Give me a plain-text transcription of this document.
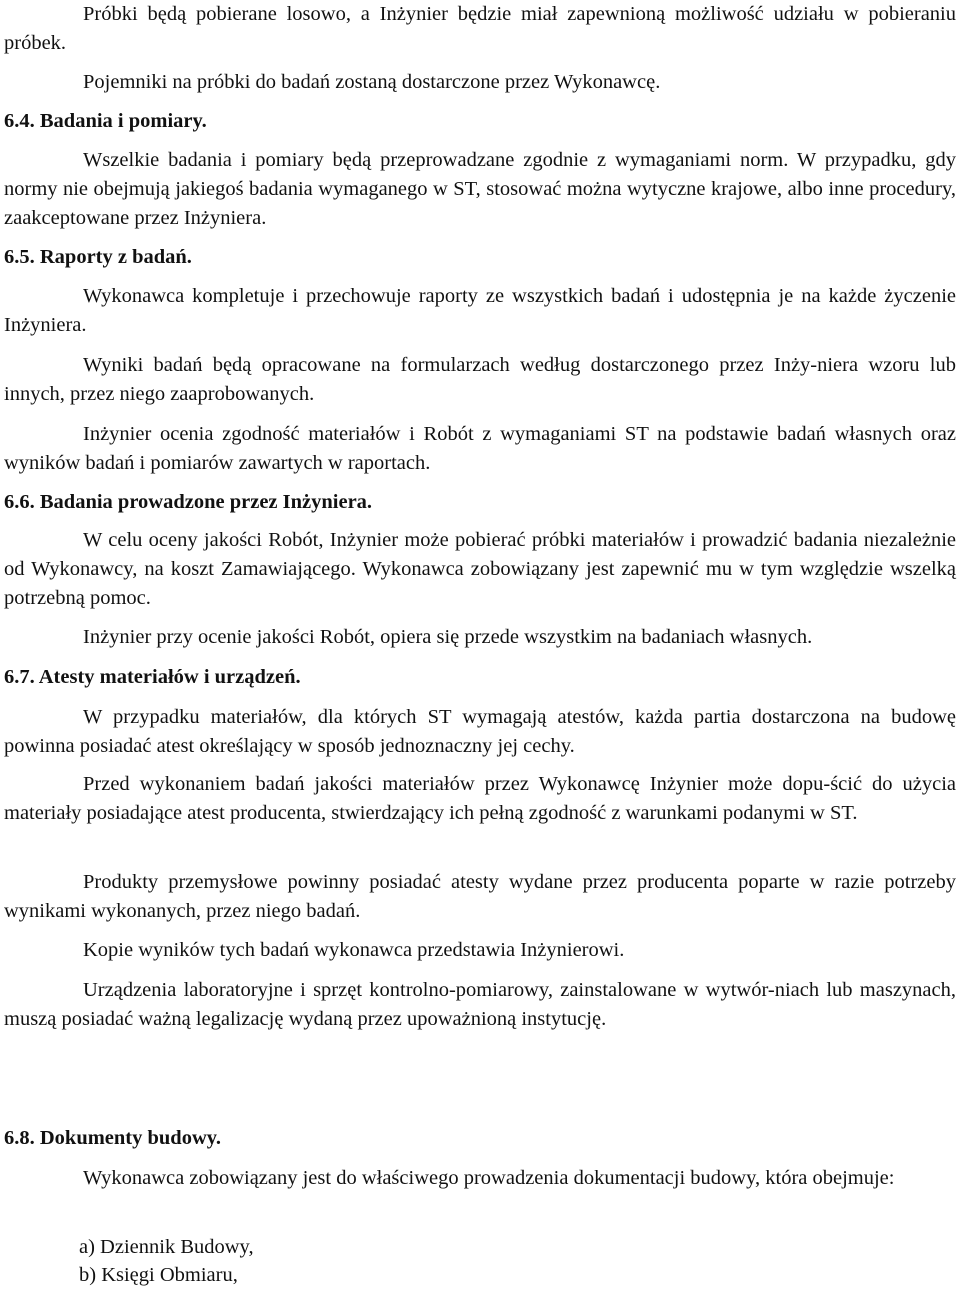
Próbki będą pobierane losowo, a Inżynier będzie miał zapewnioną możliwość udziału w pobieraniu próbek.

Pojemniki na próbki do badań zostaną dostarczone przez Wykonawcę.

6.4. Badania i pomiary.

Wszelkie badania i pomiary będą przeprowadzane zgodnie z wymaganiami norm. W przypadku, gdy normy nie obejmują jakiegoś badania wymaganego w ST, stosować można wytyczne krajowe, albo inne procedury, zaakceptowane przez Inżyniera.

6.5. Raporty z badań.

Wykonawca kompletuje i przechowuje raporty ze wszystkich badań i udostępnia je na każde życzenie Inżyniera.

Wyniki badań będą opracowane na formularzach według dostarczonego przez Inży-niera wzoru lub innych, przez niego zaaprobowanych.

Inżynier ocenia zgodność materiałów i Robót z wymaganiami ST na podstawie badań własnych oraz wyników badań i pomiarów zawartych w raportach.

6.6. Badania prowadzone przez Inżyniera.

W celu oceny jakości Robót, Inżynier może pobierać próbki materiałów i prowadzić badania niezależnie od Wykonawcy, na koszt Zamawiającego. Wykonawca zobowiązany jest zapewnić mu w tym względzie wszelką potrzebną pomoc.

Inżynier przy ocenie jakości Robót, opiera się przede wszystkim na badaniach własnych.

6.7. Atesty materiałów i urządzeń.

W przypadku materiałów, dla których ST wymagają atestów, każda partia dostarczona na budowę powinna posiadać atest określający w sposób jednoznaczny jej cechy.

Przed wykonaniem badań jakości materiałów przez Wykonawcę Inżynier może dopu-ścić do użycia materiały posiadające atest producenta, stwierdzający ich pełną zgodność z warunkami podanymi w ST.

Produkty przemysłowe powinny posiadać atesty wydane przez producenta poparte w razie potrzeby wynikami wykonanych, przez niego badań.

Kopie wyników tych badań wykonawca przedstawia Inżynierowi.

Urządzenia laboratoryjne i sprzęt kontrolno-pomiarowy, zainstalowane w wytwór-niach lub maszynach, muszą posiadać ważną legalizację wydaną przez upoważnioną instytucję.

6.8. Dokumenty budowy.

Wykonawca zobowiązany jest do właściwego prowadzenia dokumentacji budowy, która obejmuje:

a) Dziennik Budowy,

b) Księgi Obmiaru,
